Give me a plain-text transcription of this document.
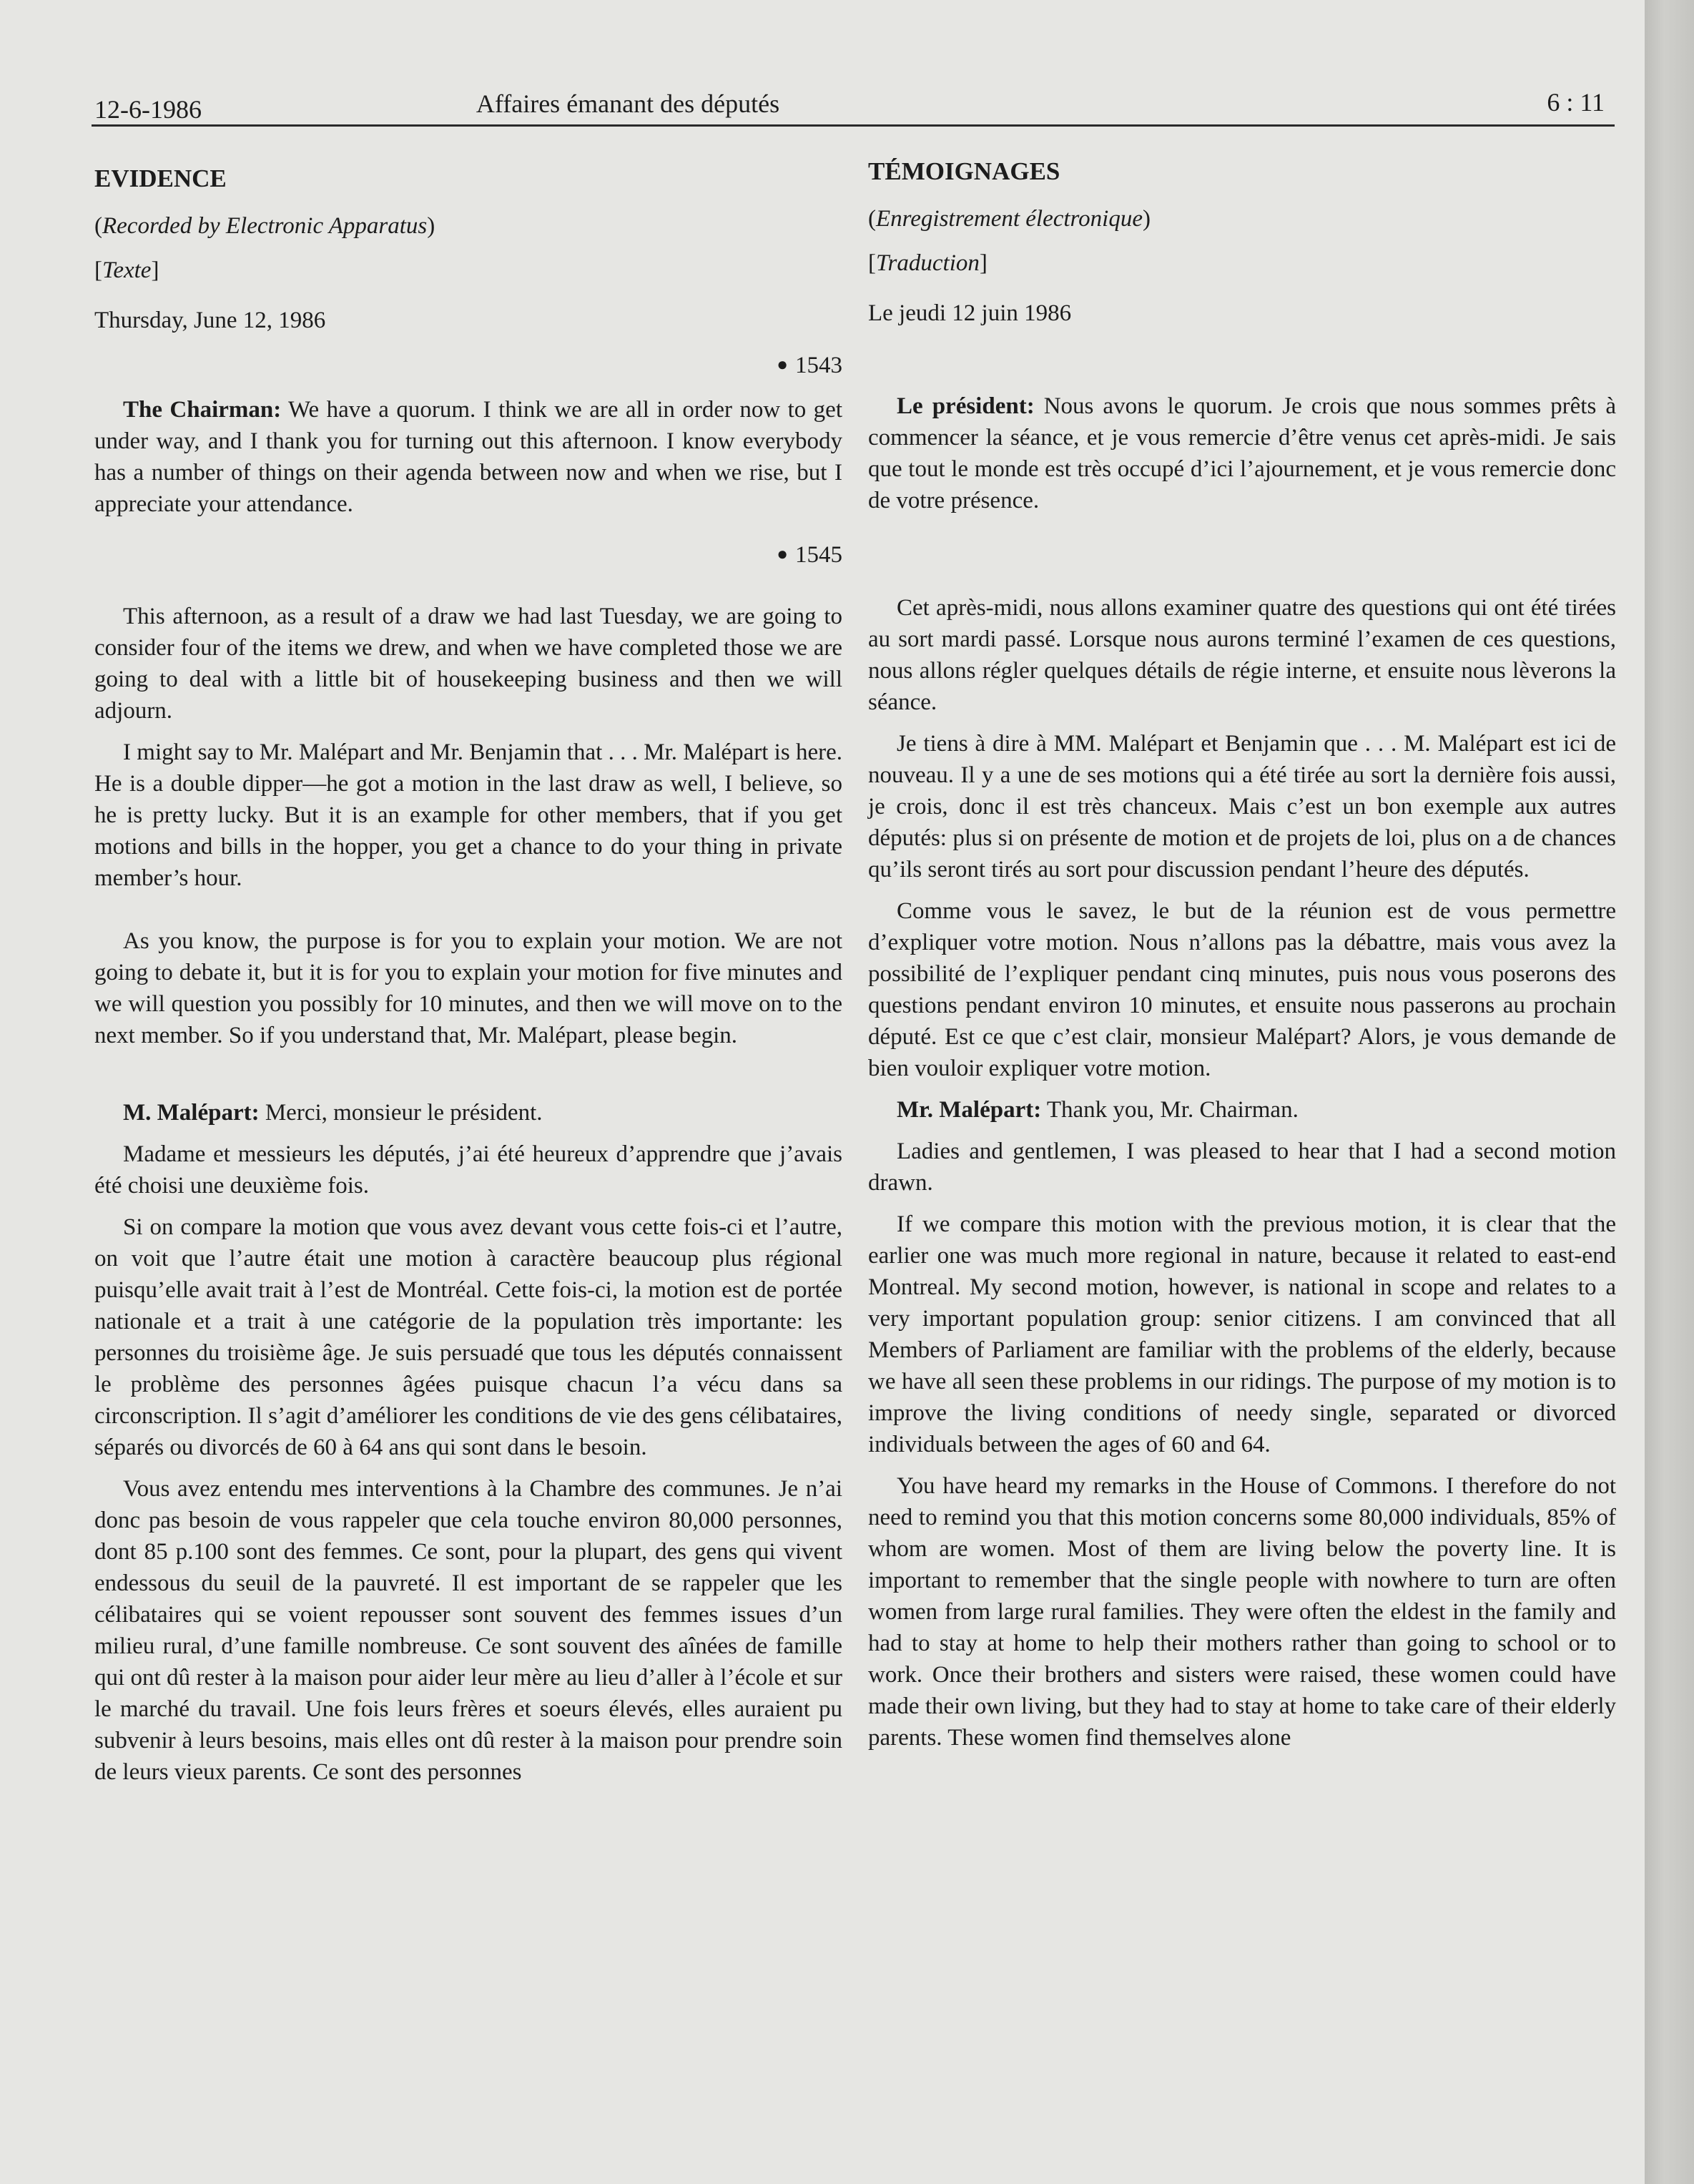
12-6-1986	Affaires émanant des députés	6 : 11
EVIDENCE
(Recorded by Electronic Apparatus)
[Texte]
Thursday, June 12, 1986
● 1543

The Chairman: We have a quorum. I think we are all in order now to get under way, and I thank you for turning out this afternoon. I know everybody has a number of things on their agenda between now and when we rise, but I appreciate your attendance.

● 1545

This afternoon, as a result of a draw we had last Tuesday, we are going to consider four of the items we drew, and when we have completed those we are going to deal with a little bit of housekeeping business and then we will adjourn.

I might say to Mr. Malépart and Mr. Benjamin that . . . Mr. Malépart is here. He is a double dipper—he got a motion in the last draw as well, I believe, so he is pretty lucky. But it is an example for other members, that if you get motions and bills in the hopper, you get a chance to do your thing in private member’s hour.

As you know, the purpose is for you to explain your motion. We are not going to debate it, but it is for you to explain your motion for five minutes and we will question you possibly for 10 minutes, and then we will move on to the next member. So if you understand that, Mr. Malépart, please begin.

M. Malépart: Merci, monsieur le président.

Madame et messieurs les députés, j’ai été heureux d’apprendre que j’avais été choisi une deuxième fois.

Si on compare la motion que vous avez devant vous cette fois-ci et l’autre, on voit que l’autre était une motion à caractère beaucoup plus régional puisqu’elle avait trait à l’est de Montréal. Cette fois-ci, la motion est de portée nationale et a trait à une catégorie de la population très importante: les personnes du troisième âge. Je suis persuadé que tous les députés connaissent le problème des personnes âgées puisque chacun l’a vécu dans sa circonscription. Il s’agit d’améliorer les conditions de vie des gens célibataires, séparés ou divorcés de 60 à 64 ans qui sont dans le besoin.

Vous avez entendu mes interventions à la Chambre des communes. Je n’ai donc pas besoin de vous rappeler que cela touche environ 80,000 personnes, dont 85 p.100 sont des femmes. Ce sont, pour la plupart, des gens qui vivent endessous du seuil de la pauvreté. Il est important de se rappeler que les célibataires qui se voient repousser sont souvent des femmes issues d’un milieu rural, d’une famille nombreuse. Ce sont souvent des aînées de famille qui ont dû rester à la maison pour aider leur mère au lieu d’aller à l’école et sur le marché du travail. Une fois leurs frères et soeurs élevés, elles auraient pu subvenir à leurs besoins, mais elles ont dû rester à la maison pour prendre soin de leurs vieux parents. Ce sont des personnes

TÉMOIGNAGES
(Enregistrement électronique)
[Traduction]
Le jeudi 12 juin 1986

Le président: Nous avons le quorum. Je crois que nous sommes prêts à commencer la séance, et je vous remercie d’être venus cet après-midi. Je sais que tout le monde est très occupé d’ici l’ajournement, et je vous remercie donc de votre présence.

Cet après-midi, nous allons examiner quatre des questions qui ont été tirées au sort mardi passé. Lorsque nous aurons terminé l’examen de ces questions, nous allons régler quelques détails de régie interne, et ensuite nous lèverons la séance.

Je tiens à dire à MM. Malépart et Benjamin que . . . M. Malépart est ici de nouveau. Il y a une de ses motions qui a été tirée au sort la dernière fois aussi, je crois, donc il est très chanceux. Mais c’est un bon exemple aux autres députés: plus si on présente de motion et de projets de loi, plus on a de chances qu’ils seront tirés au sort pour discussion pendant l’heure des députés.

Comme vous le savez, le but de la réunion est de vous permettre d’expliquer votre motion. Nous n’allons pas la débattre, mais vous avez la possibilité de l’expliquer pendant cinq minutes, puis nous vous poserons des questions pendant environ 10 minutes, et ensuite nous passerons au prochain député. Est ce que c’est clair, monsieur Malépart? Alors, je vous demande de bien vouloir expliquer votre motion.

Mr. Malépart: Thank you, Mr. Chairman.

Ladies and gentlemen, I was pleased to hear that I had a second motion drawn.

If we compare this motion with the previous motion, it is clear that the earlier one was much more regional in nature, because it related to east-end Montreal. My second motion, however, is national in scope and relates to a very important population group: senior citizens. I am convinced that all Members of Parliament are familiar with the problems of the elderly, because we have all seen these problems in our ridings. The purpose of my motion is to improve the living conditions of needy single, separated or divorced individuals between the ages of 60 and 64.

You have heard my remarks in the House of Commons. I therefore do not need to remind you that this motion concerns some 80,000 individuals, 85% of whom are women. Most of them are living below the poverty line. It is important to remember that the single people with nowhere to turn are often women from large rural families. They were often the eldest in the family and had to stay at home to help their mothers rather than going to school or to work. Once their brothers and sisters were raised, these women could have made their own living, but they had to stay at home to take care of their elderly parents. These women find themselves alone
